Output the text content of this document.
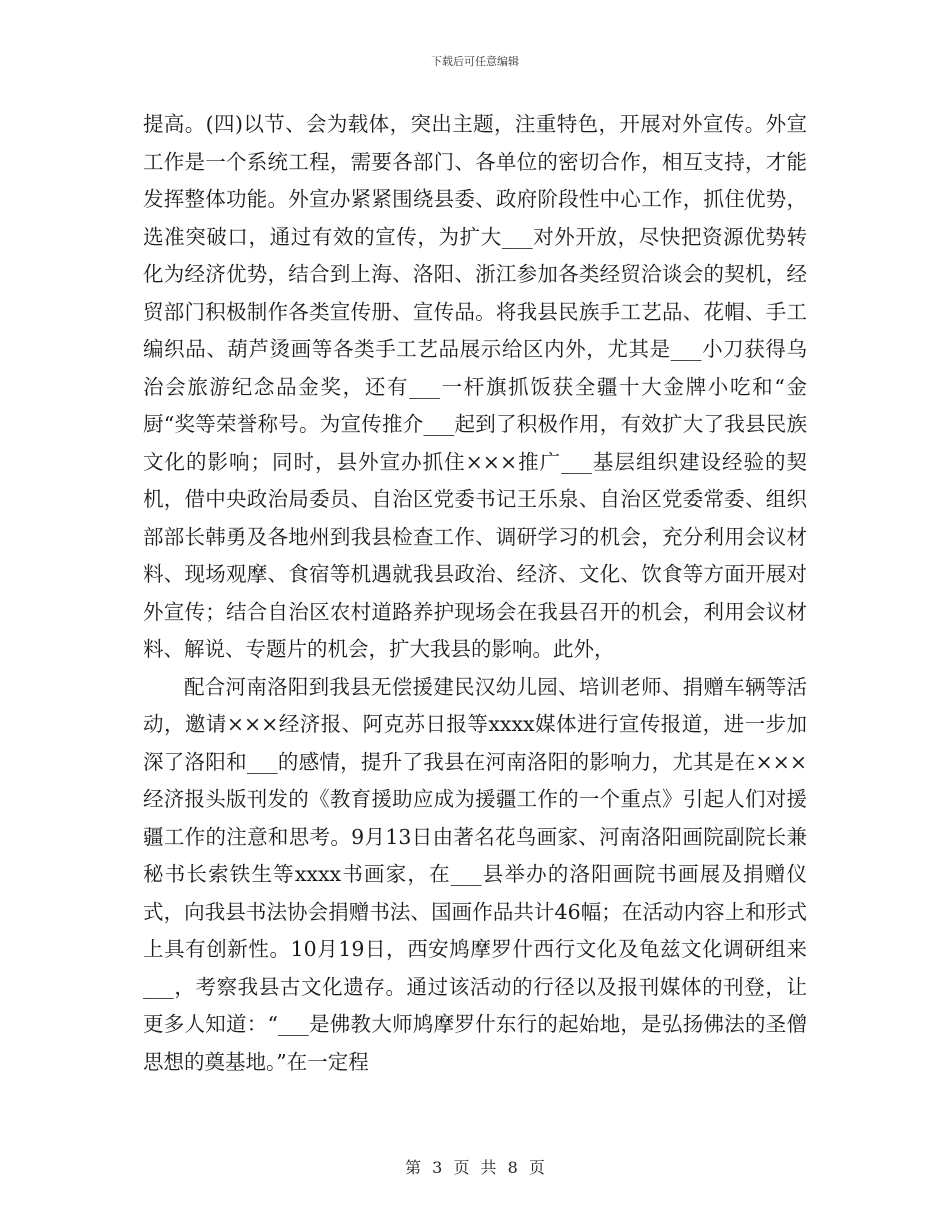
下载后可任意编辑

提高。(四)以节、会为载体，突出主题，注重特色，开展对外宣传。外宣工作是一个系统工程，需要各部门、各单位的密切合作，相互支持，才能发挥整体功能。外宣办紧紧围绕县委、政府阶段性中心工作，抓住优势，选准突破口，通过有效的宣传，为扩大___对外开放，尽快把资源优势转化为经济优势，结合到上海、洛阳、浙江参加各类经贸洽谈会的契机，经贸部门积极制作各类宣传册、宣传品。将我县民族手工艺品、花帽、手工编织品、葫芦烫画等各类手工艺品展示给区内外，尤其是___小刀获得乌治会旅游纪念品金奖，还有___一杆旗抓饭获全疆十大金牌小吃和“金厨“奖等荣誉称号。为宣传推介___起到了积极作用，有效扩大了我县民族文化的影响；同时，县外宣办抓住×××推广___基层组织建设经验的契机，借中央政治局委员、自治区党委书记王乐泉、自治区党委常委、组织部部长韩勇及各地州到我县检查工作、调研学习的机会，充分利用会议材料、现场观摩、食宿等机遇就我县政治、经济、文化、饮食等方面开展对外宣传；结合自治区农村道路养护现场会在我县召开的机会，利用会议材料、解说、专题片的机会，扩大我县的影响。此外，

配合河南洛阳到我县无偿援建民汉幼儿园、培训老师、捐赠车辆等活动，邀请×××经济报、阿克苏日报等xxxx媒体进行宣传报道，进一步加深了洛阳和___的感情，提升了我县在河南洛阳的影响力，尤其是在×××经济报头版刊发的《教育援助应成为援疆工作的一个重点》引起人们对援疆工作的注意和思考。9月13日由著名花鸟画家、河南洛阳画院副院长兼秘书长索铁生等xxxx书画家，在___县举办的洛阳画院书画展及捐赠仪式，向我县书法协会捐赠书法、国画作品共计46幅；在活动内容上和形式上具有创新性。10月19日，西安鸠摩罗什西行文化及龟兹文化调研组来___，考察我县古文化遗存。通过该活动的行径以及报刊媒体的刊登，让更多人知道：“___是佛教大师鸠摩罗什东行的起始地，是弘扬佛法的圣僧思想的奠基地。”在一定程

第 3 页 共 8 页
